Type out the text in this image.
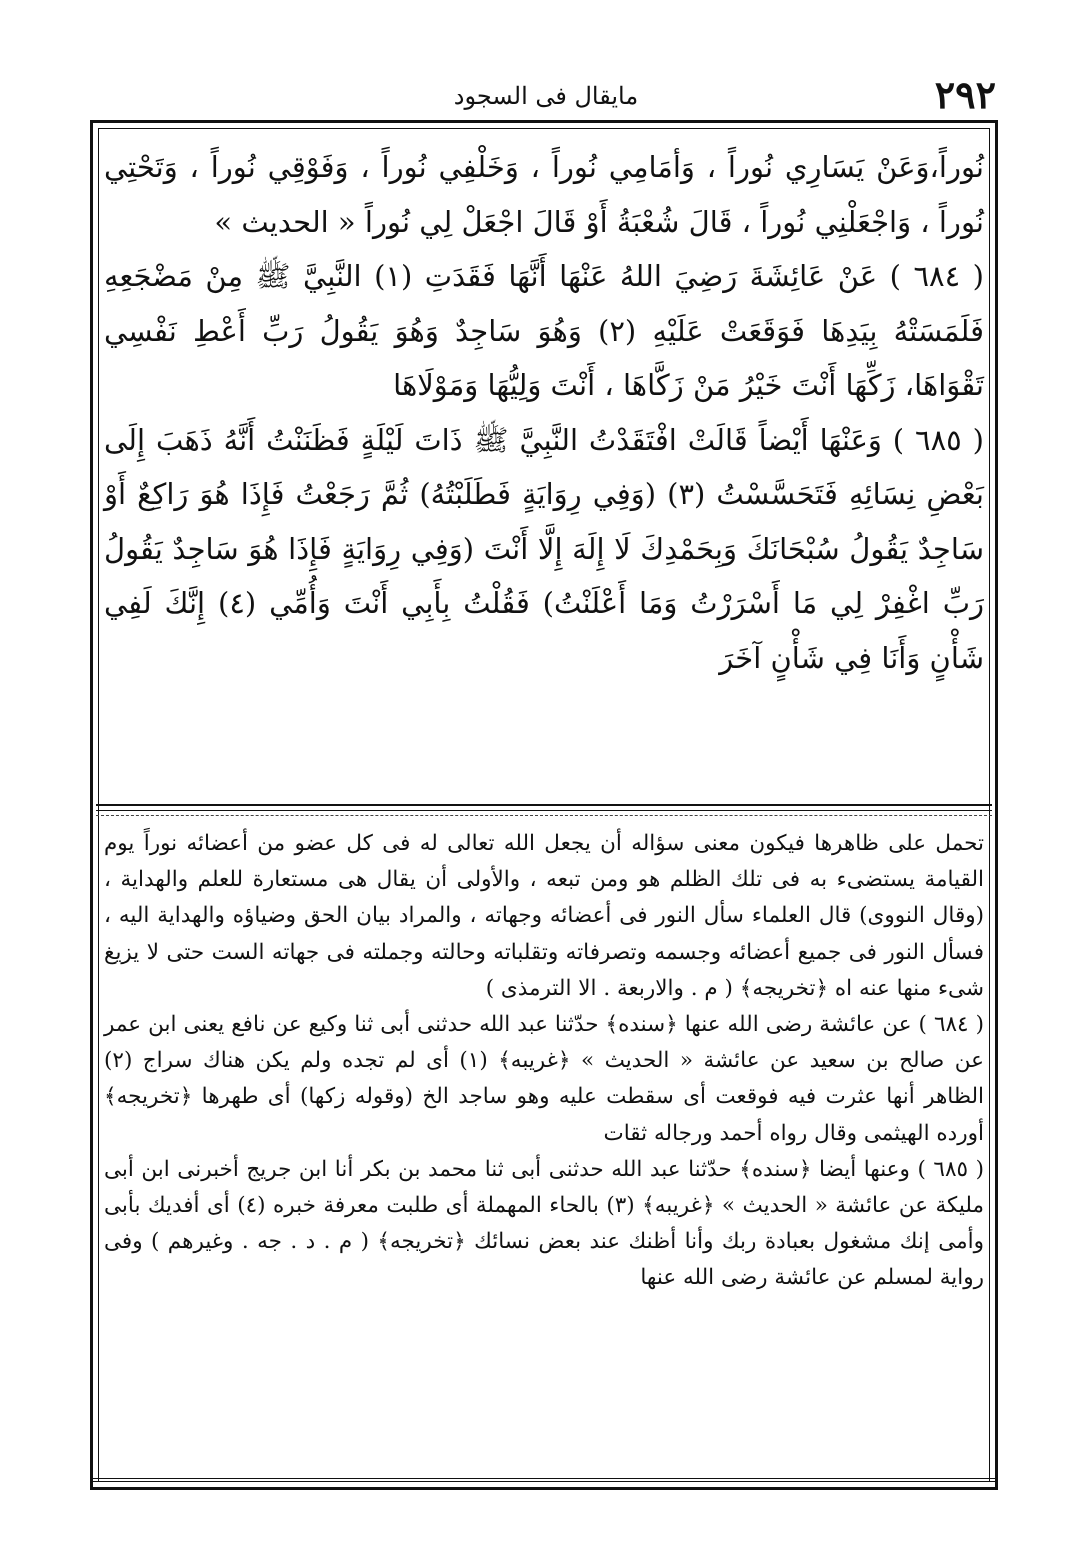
٢٩٢
مايقال فى السجود

نُوراً،وَعَنْ يَسَارِي نُوراً ، وَأمَامِي نُوراً ، وَخَلْفِي نُوراً ، وَفَوْقِي نُوراً ، وَتَحْتِي نُوراً ، وَاجْعَلْنِي نُوراً ، قَالَ شُعْبَةُ أَوْ قَالَ اجْعَلْ لِي نُوراً « الحديث »

( ٦٨٤ ) عَنْ عَائِشَةَ رَضِيَ اللهُ عَنْهَا أَنَّهَا فَقَدَتِ (١) النَّبِيَّ ﷺ مِنْ مَضْجَعِهِ فَلَمَسَتْهُ بِيَدِهَا فَوَقَعَتْ عَلَيْهِ (٢) وَهُوَ سَاجِدٌ وَهُوَ يَقُولُ رَبِّ أَعْطِ نَفْسِي تَقْوَاهَا، زَكِّهَا أَنْتَ خَيْرُ مَنْ زَكَّاهَا ، أَنْتَ وَلِيُّهَا وَمَوْلَاهَا

( ٦٨٥ ) وَعَنْهَا أَيْضاً قَالَتْ افْتَقَدْتُ النَّبِيَّ ﷺ ذَاتَ لَيْلَةٍ فَظَنَنْتُ أَنَّهُ ذَهَبَ إِلَى بَعْضِ نِسَائِهِ فَتَحَسَّسْتُ (٣) (وَفِي رِوَايَةٍ فَطَلَبْتُهُ) ثُمَّ رَجَعْتُ فَإِذَا هُوَ رَاكِعٌ أَوْ سَاجِدٌ يَقُولُ سُبْحَانَكَ وَبِحَمْدِكَ لَا إِلَهَ إِلَّا أَنْتَ (وَفِي رِوَايَةٍ فَإِذَا هُوَ سَاجِدٌ يَقُولُ رَبِّ اغْفِرْ لِي مَا أَسْرَرْتُ وَمَا أَعْلَنْتُ) فَقُلْتُ بِأَبِي أَنْتَ وَأُمِّي (٤) إِنَّكَ لَفِي شَأْنٍ وَأَنَا فِي شَأْنٍ آخَرَ

تحمل على ظاهرها فيكون معنى سؤاله أن يجعل الله تعالى له فى كل عضو من أعضائه نوراً يوم القيامة يستضىء به فى تلك الظلم هو ومن تبعه ، والأولى أن يقال هى مستعارة للعلم والهداية ، (وقال النووى) قال العلماء سأل النور فى أعضائه وجهاته ، والمراد بيان الحق وضياؤه والهداية اليه ، فسأل النور فى جميع أعضائه وجسمه وتصرفاته وتقلباته وحالته وجملته فى جهاته الست حتى لا يزيغ شىء منها عنه اه ﴿تخريجه﴾ ( م . والاربعة . الا الترمذى )

( ٦٨٤ ) عن عائشة رضى الله عنها ﴿سنده﴾ حدّثنا عبد الله حدثنى أبى ثنا وكيع عن نافع يعنى ابن عمر عن صالح بن سعيد عن عائشة « الحديث » ﴿غريبه﴾ (١) أى لم تجده ولم يكن هناك سراج (٢) الظاهر أنها عثرت فيه فوقعت أى سقطت عليه وهو ساجد الخ (وقوله زكها) أى طهرها ﴿تخريجه﴾ أورده الهيثمى وقال رواه أحمد ورجاله ثقات

( ٦٨٥ ) وعنها أيضا ﴿سنده﴾ حدّثنا عبد الله حدثنى أبى ثنا محمد بن بكر أنا ابن جريج أخبرنى ابن أبى مليكة عن عائشة « الحديث » ﴿غريبه﴾ (٣) بالحاء المهملة أى طلبت معرفة خبره (٤) أى أفديك بأبى وأمى إنك مشغول بعبادة ربك وأنا أظنك عند بعض نسائك ﴿تخريجه﴾ ( م . د . جه . وغيرهم ) وفى رواية لمسلم عن عائشة رضى الله عنها
